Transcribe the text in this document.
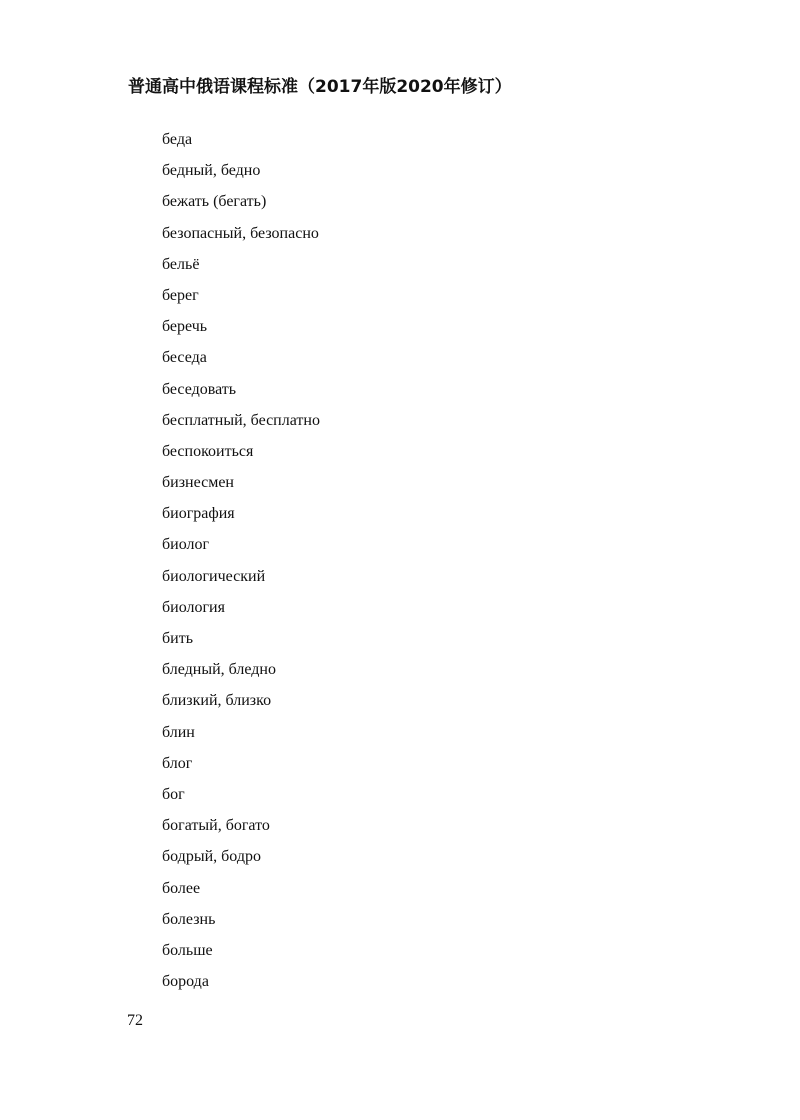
普通高中俄语课程标准（2017年版2020年修订）
беда
бедный, бедно
бежать (бегать)
безопасный, безопасно
бельё
берег
беречь
беседа
беседовать
бесплатный, бесплатно
беспокоиться
бизнесмен
биография
биолог
биологический
биология
бить
бледный, бледно
близкий, близко
блин
блог
бог
богатый, богато
бодрый, бодро
более
болезнь
больше
борода
72
